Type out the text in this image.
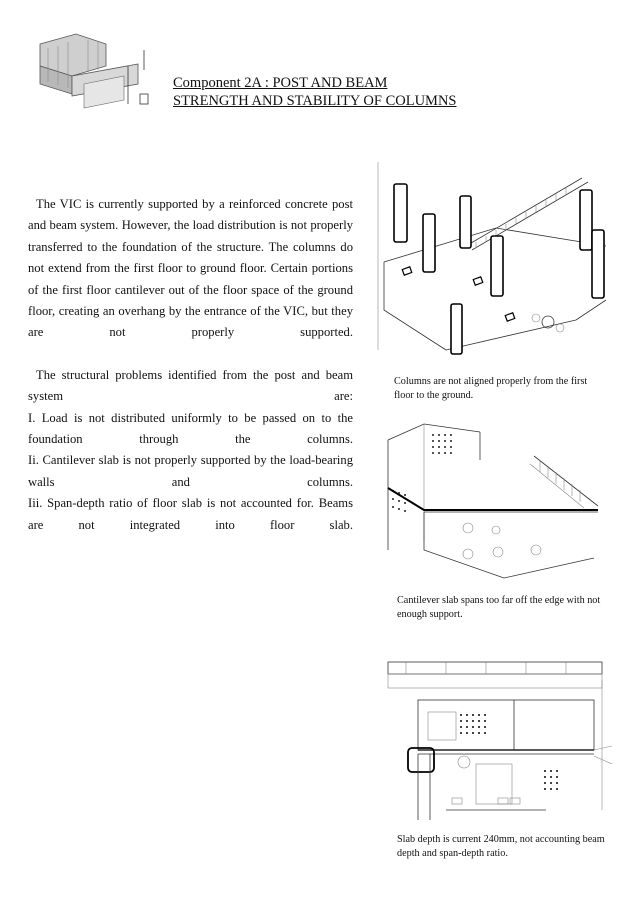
Component 2A : POST AND BEAM
STRENGTH AND STABILITY OF COLUMNS

The VIC is currently supported by a reinforced concrete post and beam system. However, the load distribution is not properly transferred to the foundation of the structure. The columns do not extend from the first floor to ground floor. Certain portions of the first floor cantilever out of the floor space of the ground floor, creating an overhang by the entrance of the VIC, but they are not properly supported.

The structural problems identified from the post and beam system are:

I. Load is not distributed uniformly to be passed on to the foundation through the columns.

Ii. Cantilever slab is not properly supported by the load-bearing walls and columns.

Iii. Span-depth ratio of floor slab is not accounted for. Beams are not integrated into floor slab.

Columns are not aligned properly from the first floor to the ground.
Cantilever slab spans too far off the edge with not enough support.
Slab depth is current 240mm, not accounting beam depth and span-depth ratio.
